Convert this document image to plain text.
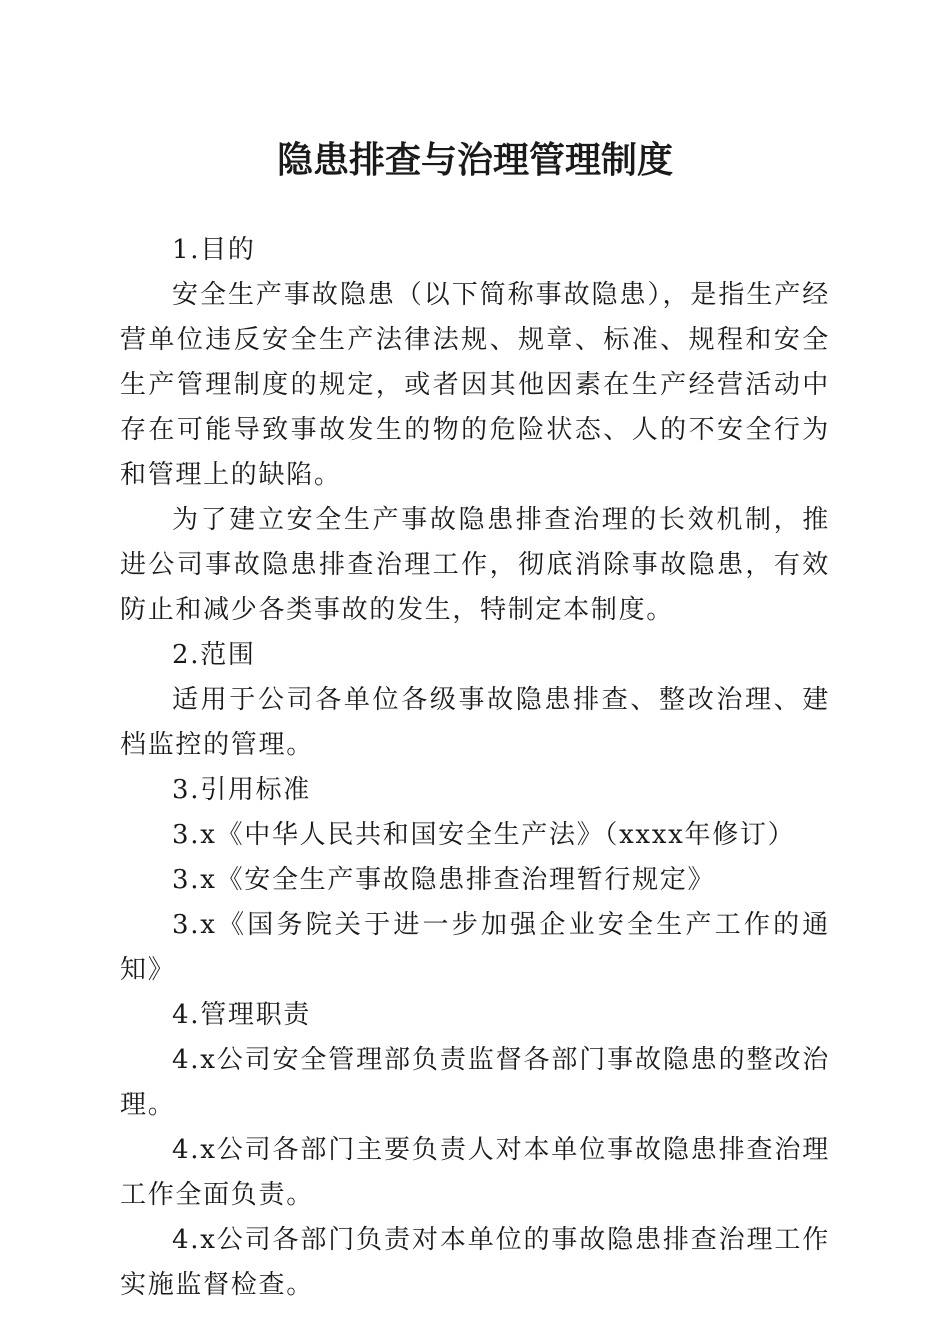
隐患排查与治理管理制度

1.目的

安全生产事故隐患（以下简称事故隐患），是指生产经营单位违反安全生产法律法规、规章、标准、规程和安全生产管理制度的规定，或者因其他因素在生产经营活动中存在可能导致事故发生的物的危险状态、人的不安全行为和管理上的缺陷。

为了建立安全生产事故隐患排查治理的长效机制，推进公司事故隐患排查治理工作，彻底消除事故隐患，有效防止和减少各类事故的发生，特制定本制度。

2.范围

适用于公司各单位各级事故隐患排查、整改治理、建档监控的管理。

3.引用标准

3.x《中华人民共和国安全生产法》（xxxx年修订）

3.x《安全生产事故隐患排查治理暂行规定》

3.x《国务院关于进一步加强企业安全生产工作的通知》

4.管理职责

4.x公司安全管理部负责监督各部门事故隐患的整改治理。

4.x公司各部门主要负责人对本单位事故隐患排查治理工作全面负责。

4.x公司各部门负责对本单位的事故隐患排查治理工作实施监督检查。
